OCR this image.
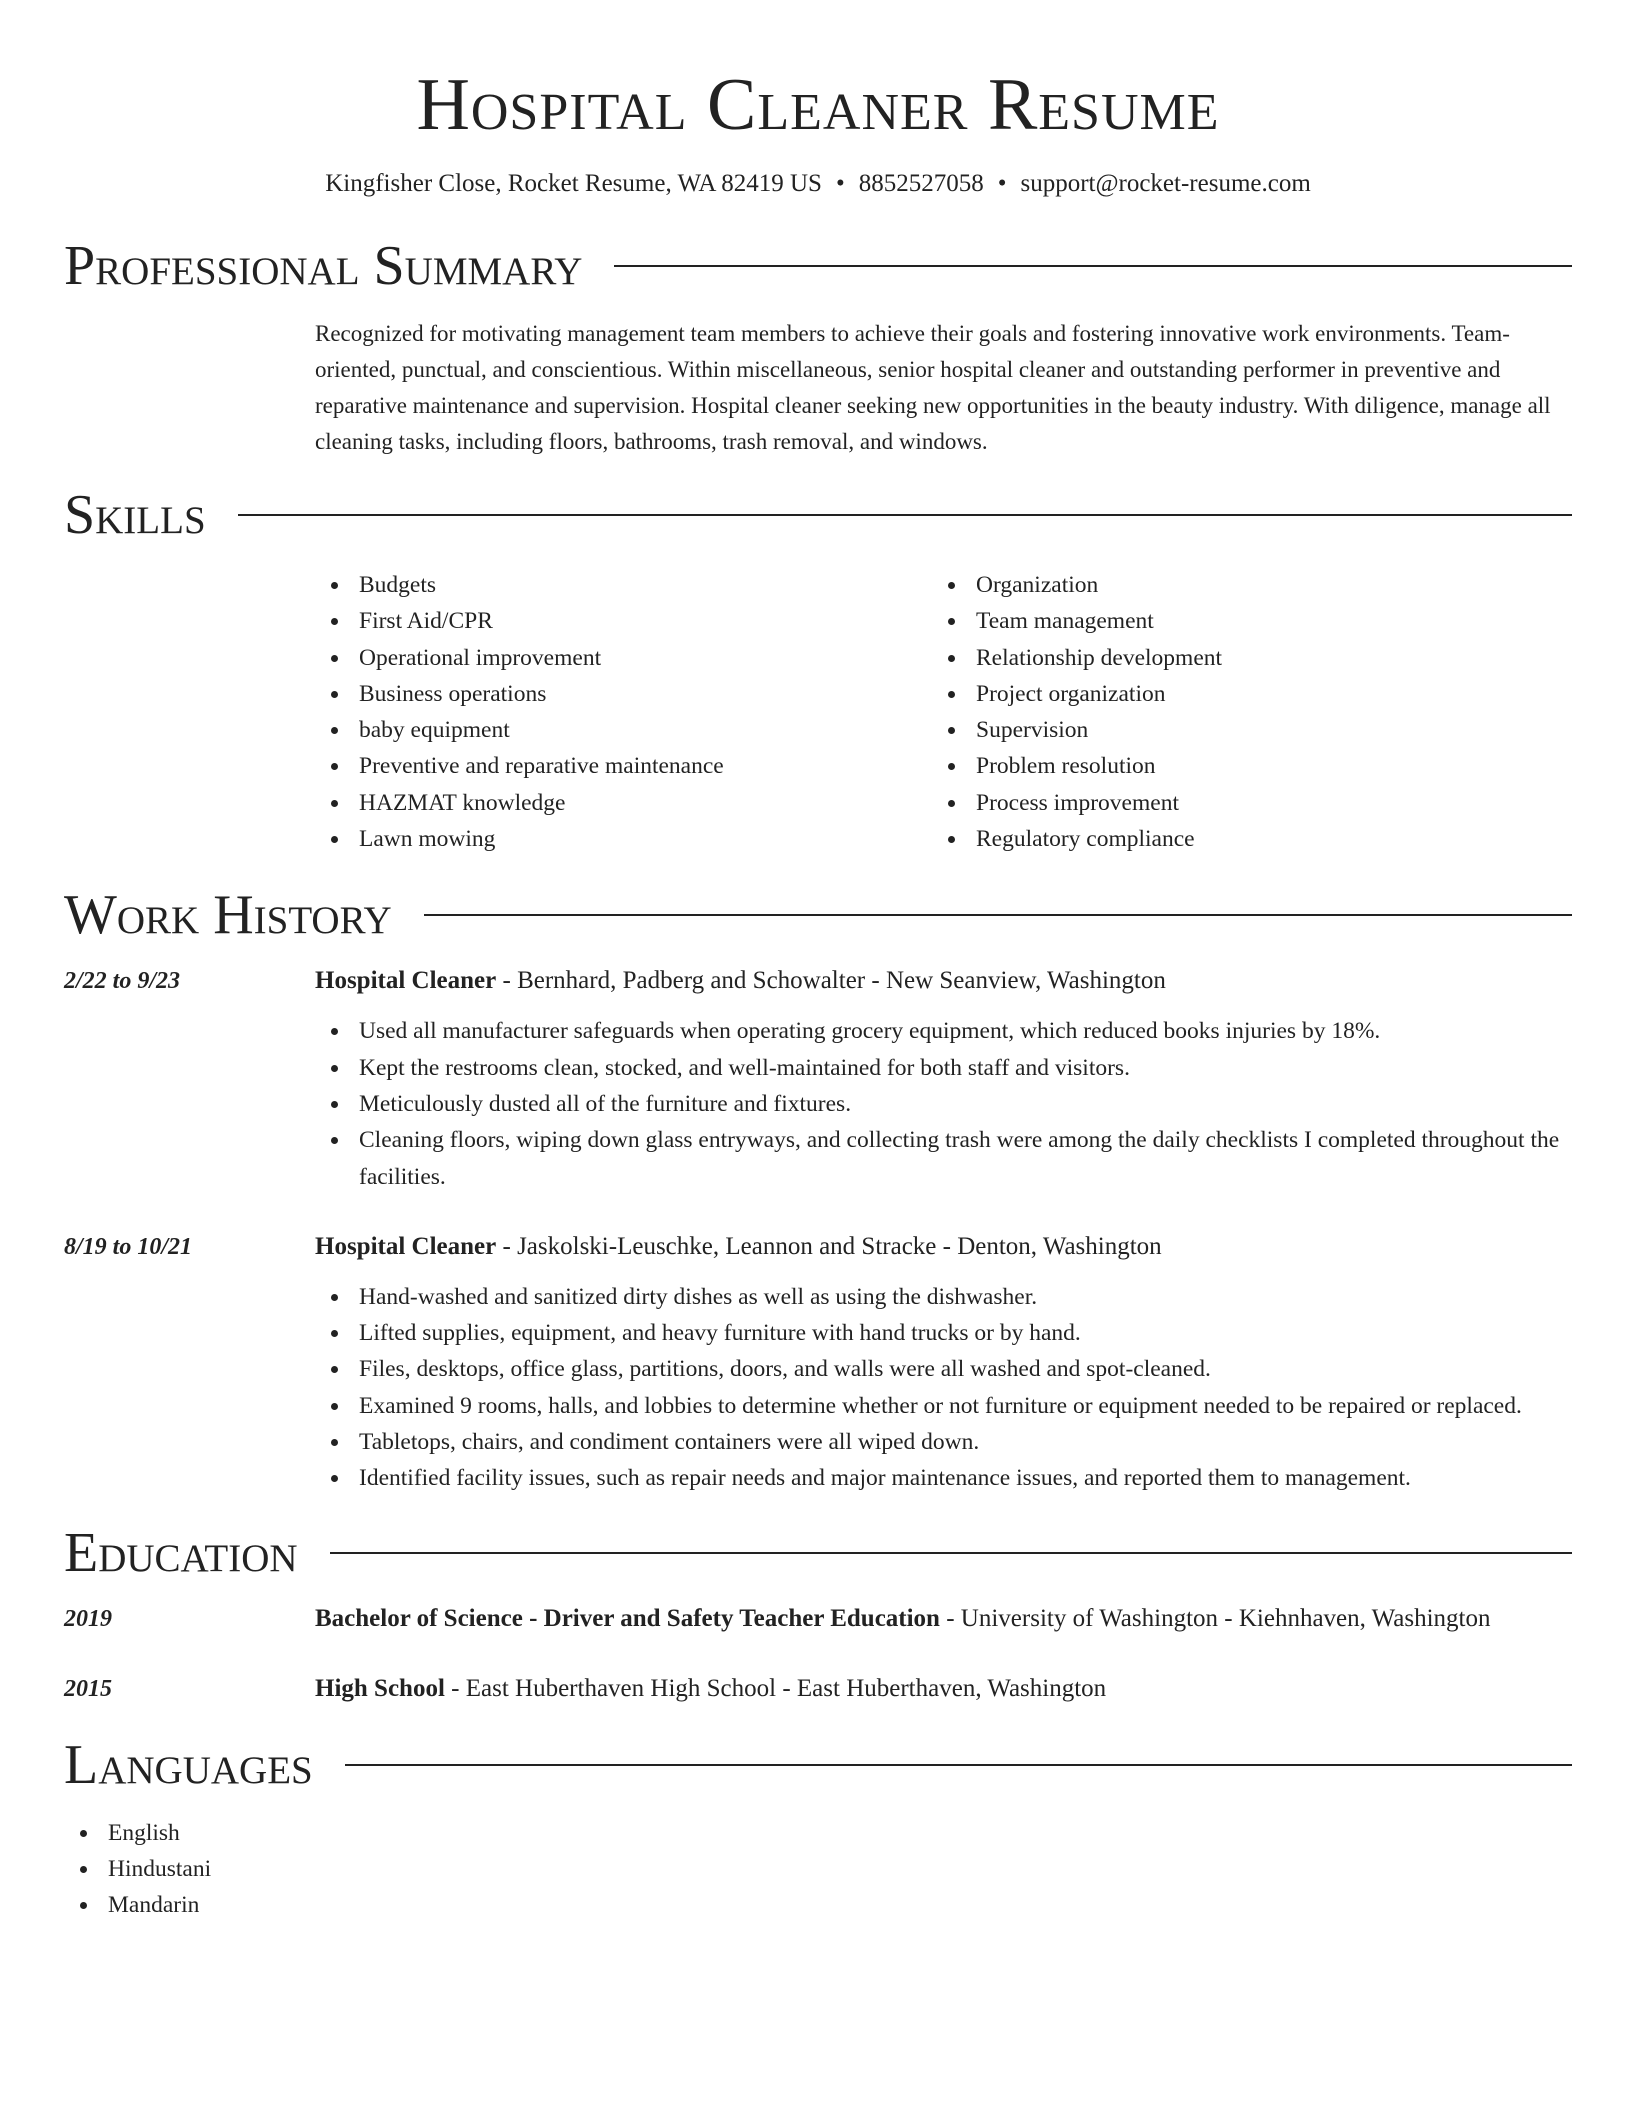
Hospital Cleaner Resume
Kingfisher Close, Rocket Resume, WA 82419 US • 8852527058 • support@rocket-resume.com
Professional Summary

Recognized for motivating management team members to achieve their goals and fostering innovative work environments. Team-oriented, punctual, and conscientious. Within miscellaneous, senior hospital cleaner and outstanding performer in preventive and reparative maintenance and supervision. Hospital cleaner seeking new opportunities in the beauty industry. With diligence, manage all cleaning tasks, including floors, bathrooms, trash removal, and windows.

Skills
Budgets
First Aid/CPR
Operational improvement
Business operations
baby equipment
Preventive and reparative maintenance
HAZMAT knowledge
Lawn mowing
Organization
Team management
Relationship development
Project organization
Supervision
Problem resolution
Process improvement
Regulatory compliance
Work History
2/22 to 9/23	Hospital Cleaner - Bernhard, Padberg and Schowalter - New Seanview, Washington
Used all manufacturer safeguards when operating grocery equipment, which reduced books injuries by 18%.
Kept the restrooms clean, stocked, and well-maintained for both staff and visitors.
Meticulously dusted all of the furniture and fixtures.
Cleaning floors, wiping down glass entryways, and collecting trash were among the daily checklists I completed throughout the facilities.
8/19 to 10/21	Hospital Cleaner - Jaskolski-Leuschke, Leannon and Stracke - Denton, Washington
Hand-washed and sanitized dirty dishes as well as using the dishwasher.
Lifted supplies, equipment, and heavy furniture with hand trucks or by hand.
Files, desktops, office glass, partitions, doors, and walls were all washed and spot-cleaned.
Examined 9 rooms, halls, and lobbies to determine whether or not furniture or equipment needed to be repaired or replaced.
Tabletops, chairs, and condiment containers were all wiped down.
Identified facility issues, such as repair needs and major maintenance issues, and reported them to management.
Education
2019	Bachelor of Science - Driver and Safety Teacher Education - University of Washington - Kiehnhaven, Washington
2015	High School - East Huberthaven High School - East Huberthaven, Washington
Languages
English
Hindustani
Mandarin
